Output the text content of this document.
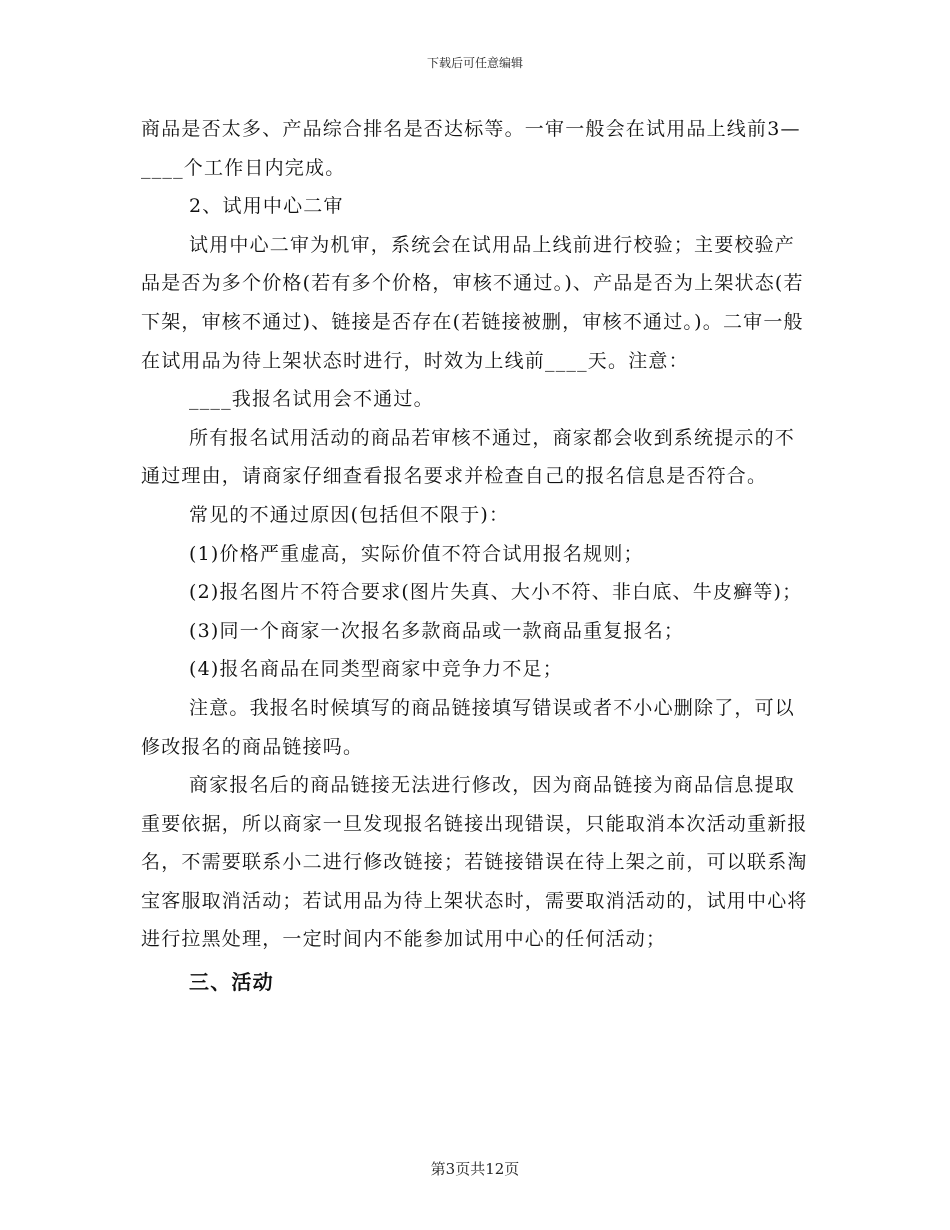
下载后可任意编辑

商品是否太多、产品综合排名是否达标等。一审一般会在试用品上线前3—____个工作日内完成。

2、试用中心二审

试用中心二审为机审，系统会在试用品上线前进行校验；主要校验产品是否为多个价格(若有多个价格，审核不通过。)、产品是否为上架状态(若下架，审核不通过)、链接是否存在(若链接被删，审核不通过。)。二审一般在试用品为待上架状态时进行，时效为上线前____天。注意：

____我报名试用会不通过。

所有报名试用活动的商品若审核不通过，商家都会收到系统提示的不通过理由，请商家仔细查看报名要求并检查自己的报名信息是否符合。

常见的不通过原因(包括但不限于)：

(1)价格严重虚高，实际价值不符合试用报名规则；

(2)报名图片不符合要求(图片失真、大小不符、非白底、牛皮癣等)；

(3)同一个商家一次报名多款商品或一款商品重复报名；

(4)报名商品在同类型商家中竞争力不足；

注意。我报名时候填写的商品链接填写错误或者不小心删除了，可以修改报名的商品链接吗。

商家报名后的商品链接无法进行修改，因为商品链接为商品信息提取重要依据，所以商家一旦发现报名链接出现错误，只能取消本次活动重新报名，不需要联系小二进行修改链接；若链接错误在待上架之前，可以联系淘宝客服取消活动；若试用品为待上架状态时，需要取消活动的，试用中心将进行拉黑处理，一定时间内不能参加试用中心的任何活动；

三、活动

第3页共12页
